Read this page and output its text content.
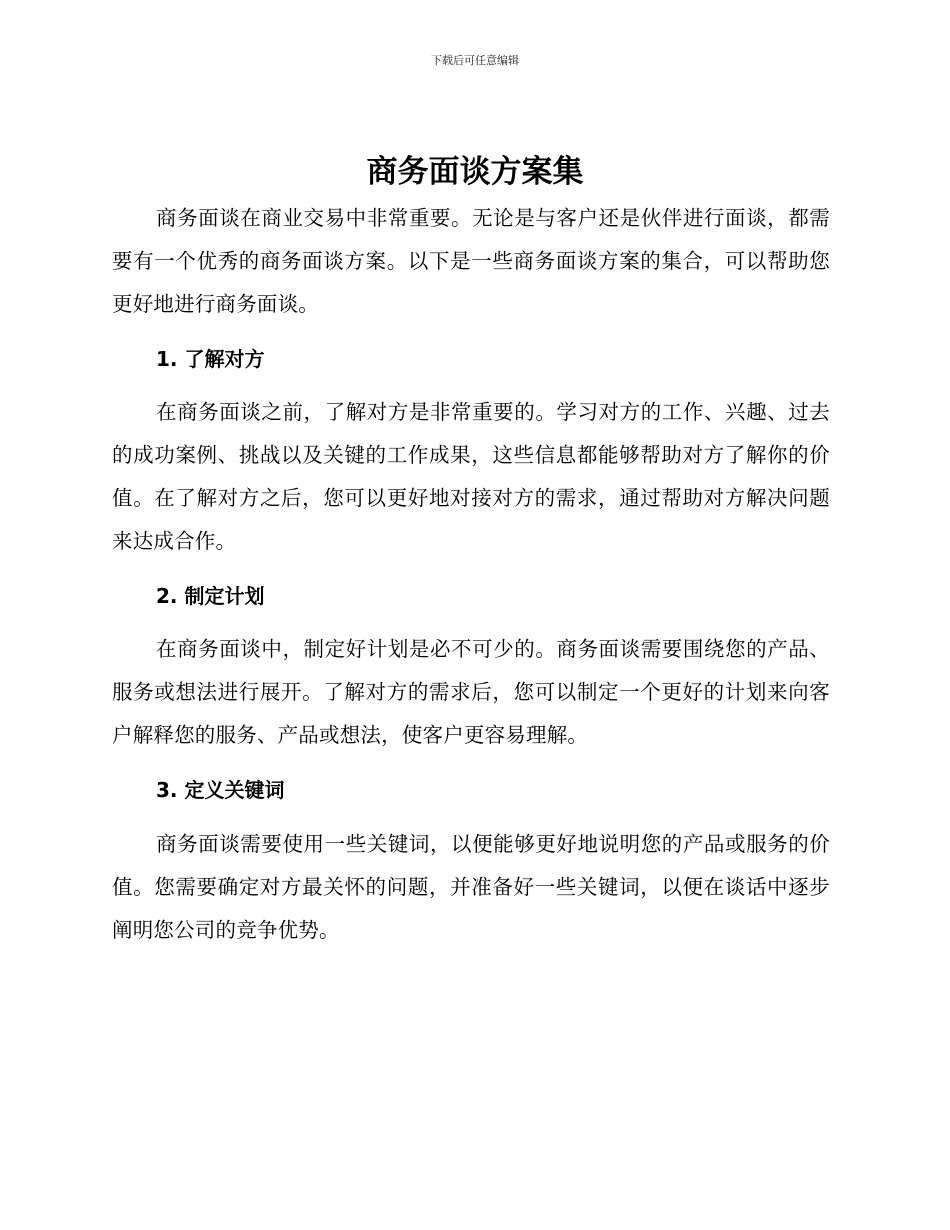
下载后可任意编辑
商务面谈方案集

商务面谈在商业交易中非常重要。无论是与客户还是伙伴进行面谈，都需要有一个优秀的商务面谈方案。以下是一些商务面谈方案的集合，可以帮助您更好地进行商务面谈。

1. 了解对方

在商务面谈之前，了解对方是非常重要的。学习对方的工作、兴趣、过去的成功案例、挑战以及关键的工作成果，这些信息都能够帮助对方了解你的价值。在了解对方之后，您可以更好地对接对方的需求，通过帮助对方解决问题来达成合作。

2. 制定计划

在商务面谈中，制定好计划是必不可少的。商务面谈需要围绕您的产品、服务或想法进行展开。了解对方的需求后，您可以制定一个更好的计划来向客户解释您的服务、产品或想法，使客户更容易理解。

3. 定义关键词

商务面谈需要使用一些关键词，以便能够更好地说明您的产品或服务的价值。您需要确定对方最关怀的问题，并准备好一些关键词，以便在谈话中逐步阐明您公司的竞争优势。
